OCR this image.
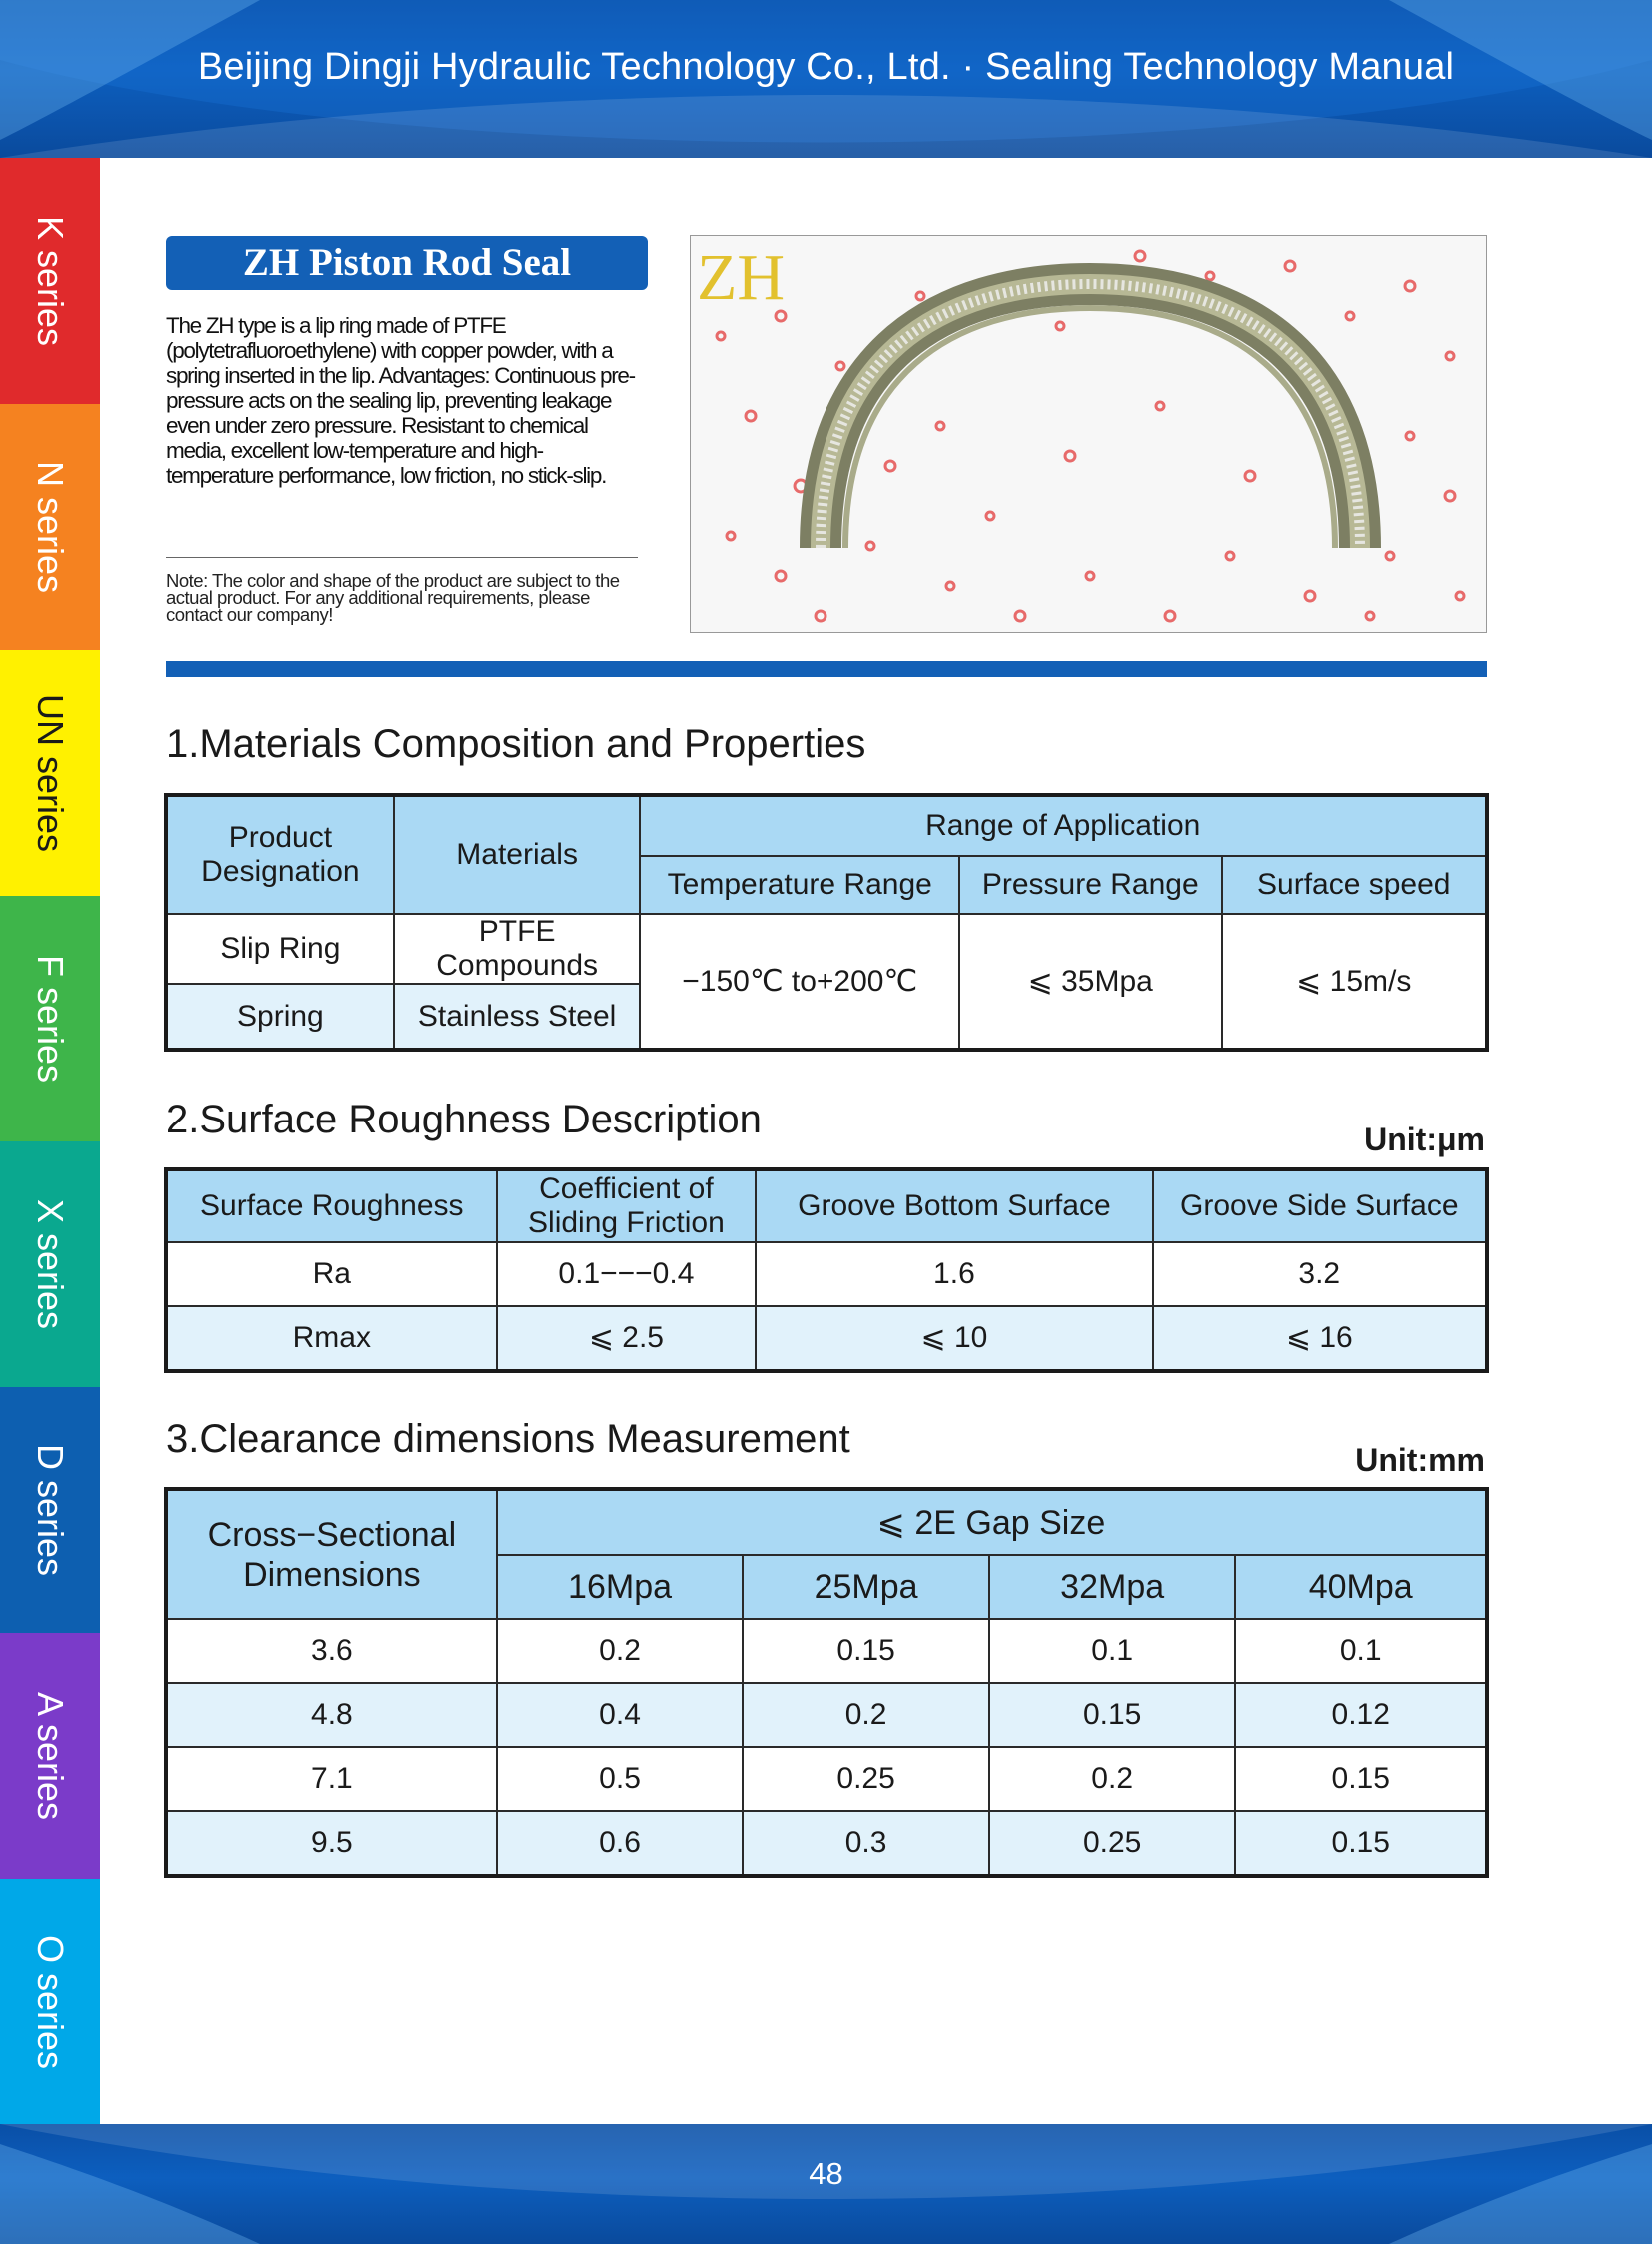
Beijing Dingji Hydraulic Technology Co., Ltd. · Sealing Technology Manual
K series
N series
UN series
F series
X series
D series
A series
O series
ZH Piston Rod Seal
The ZH type is a lip ring made of PTFE (polytetrafluoroethylene) with copper powder, with a spring inserted in the lip. Advantages: Continuous pre-pressure acts on the sealing lip, preventing leakage even under zero pressure. Resistant to chemical media, excellent low-temperature and high-temperature performance, low friction, no stick-slip.
Note: The color and shape of the product are subject to the actual product. For any additional requirements, please contact our company!
ZH
1.Materials Composition and Properties
Product Designation	Materials	Range of Application		
		Temperature Range	Pressure Range	Surface speed
Slip Ring	PTFE Compounds	−150℃ to+200℃	⩽ 35Mpa	⩽ 15m/s
Spring	Stainless Steel			
2.Surface Roughness Description	Unit:μm
Surface Roughness	Coefficient of Sliding Friction	Groove Bottom Surface	Groove Side Surface
Ra	0.1−−−0.4	1.6	3.2
Rmax	⩽ 2.5	⩽ 10	⩽ 16
3.Clearance dimensions Measurement	Unit:mm
Cross−Sectional Dimensions	⩽ 2E Gap Size			
	16Mpa	25Mpa	32Mpa	40Mpa
3.6	0.2	0.15	0.1	0.1
4.8	0.4	0.2	0.15	0.12
7.1	0.5	0.25	0.2	0.15
9.5	0.6	0.3	0.25	0.15
48
